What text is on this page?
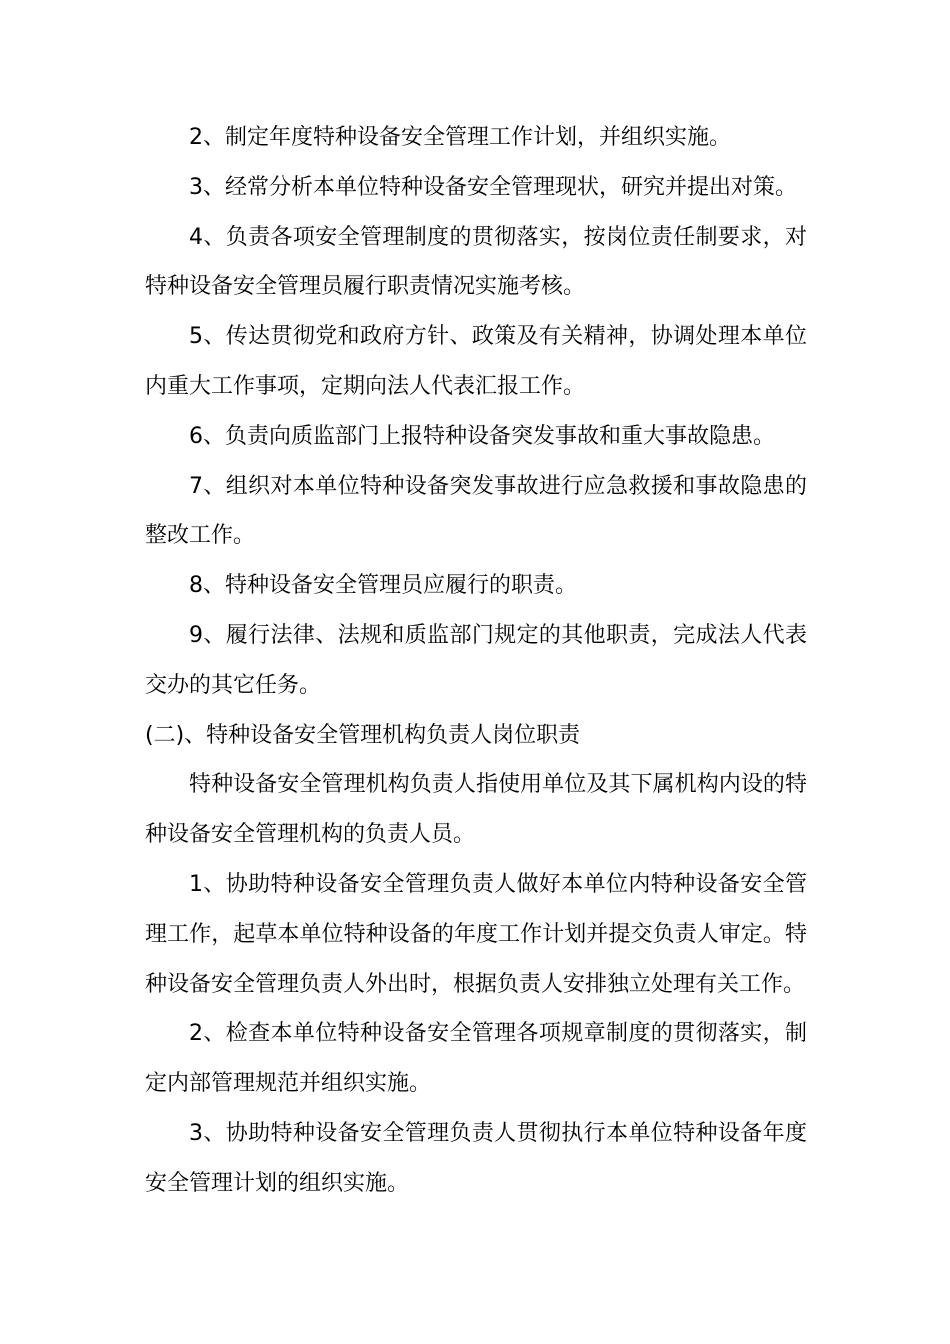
2、制定年度特种设备安全管理工作计划，并组织实施。

3、经常分析本单位特种设备安全管理现状，研究并提出对策。

4、负责各项安全管理制度的贯彻落实，按岗位责任制要求，对特种设备安全管理员履行职责情况实施考核。

5、传达贯彻党和政府方针、政策及有关精神，协调处理本单位内重大工作事项，定期向法人代表汇报工作。

6、负责向质监部门上报特种设备突发事故和重大事故隐患。

7、组织对本单位特种设备突发事故进行应急救援和事故隐患的整改工作。

8、特种设备安全管理员应履行的职责。

9、履行法律、法规和质监部门规定的其他职责，完成法人代表交办的其它任务。

(二)、特种设备安全管理机构负责人岗位职责

特种设备安全管理机构负责人指使用单位及其下属机构内设的特种设备安全管理机构的负责人员。

1、协助特种设备安全管理负责人做好本单位内特种设备安全管理工作，起草本单位特种设备的年度工作计划并提交负责人审定。特种设备安全管理负责人外出时，根据负责人安排独立处理有关工作。

2、检查本单位特种设备安全管理各项规章制度的贯彻落实，制定内部管理规范并组织实施。

3、协助特种设备安全管理负责人贯彻执行本单位特种设备年度安全管理计划的组织实施。
